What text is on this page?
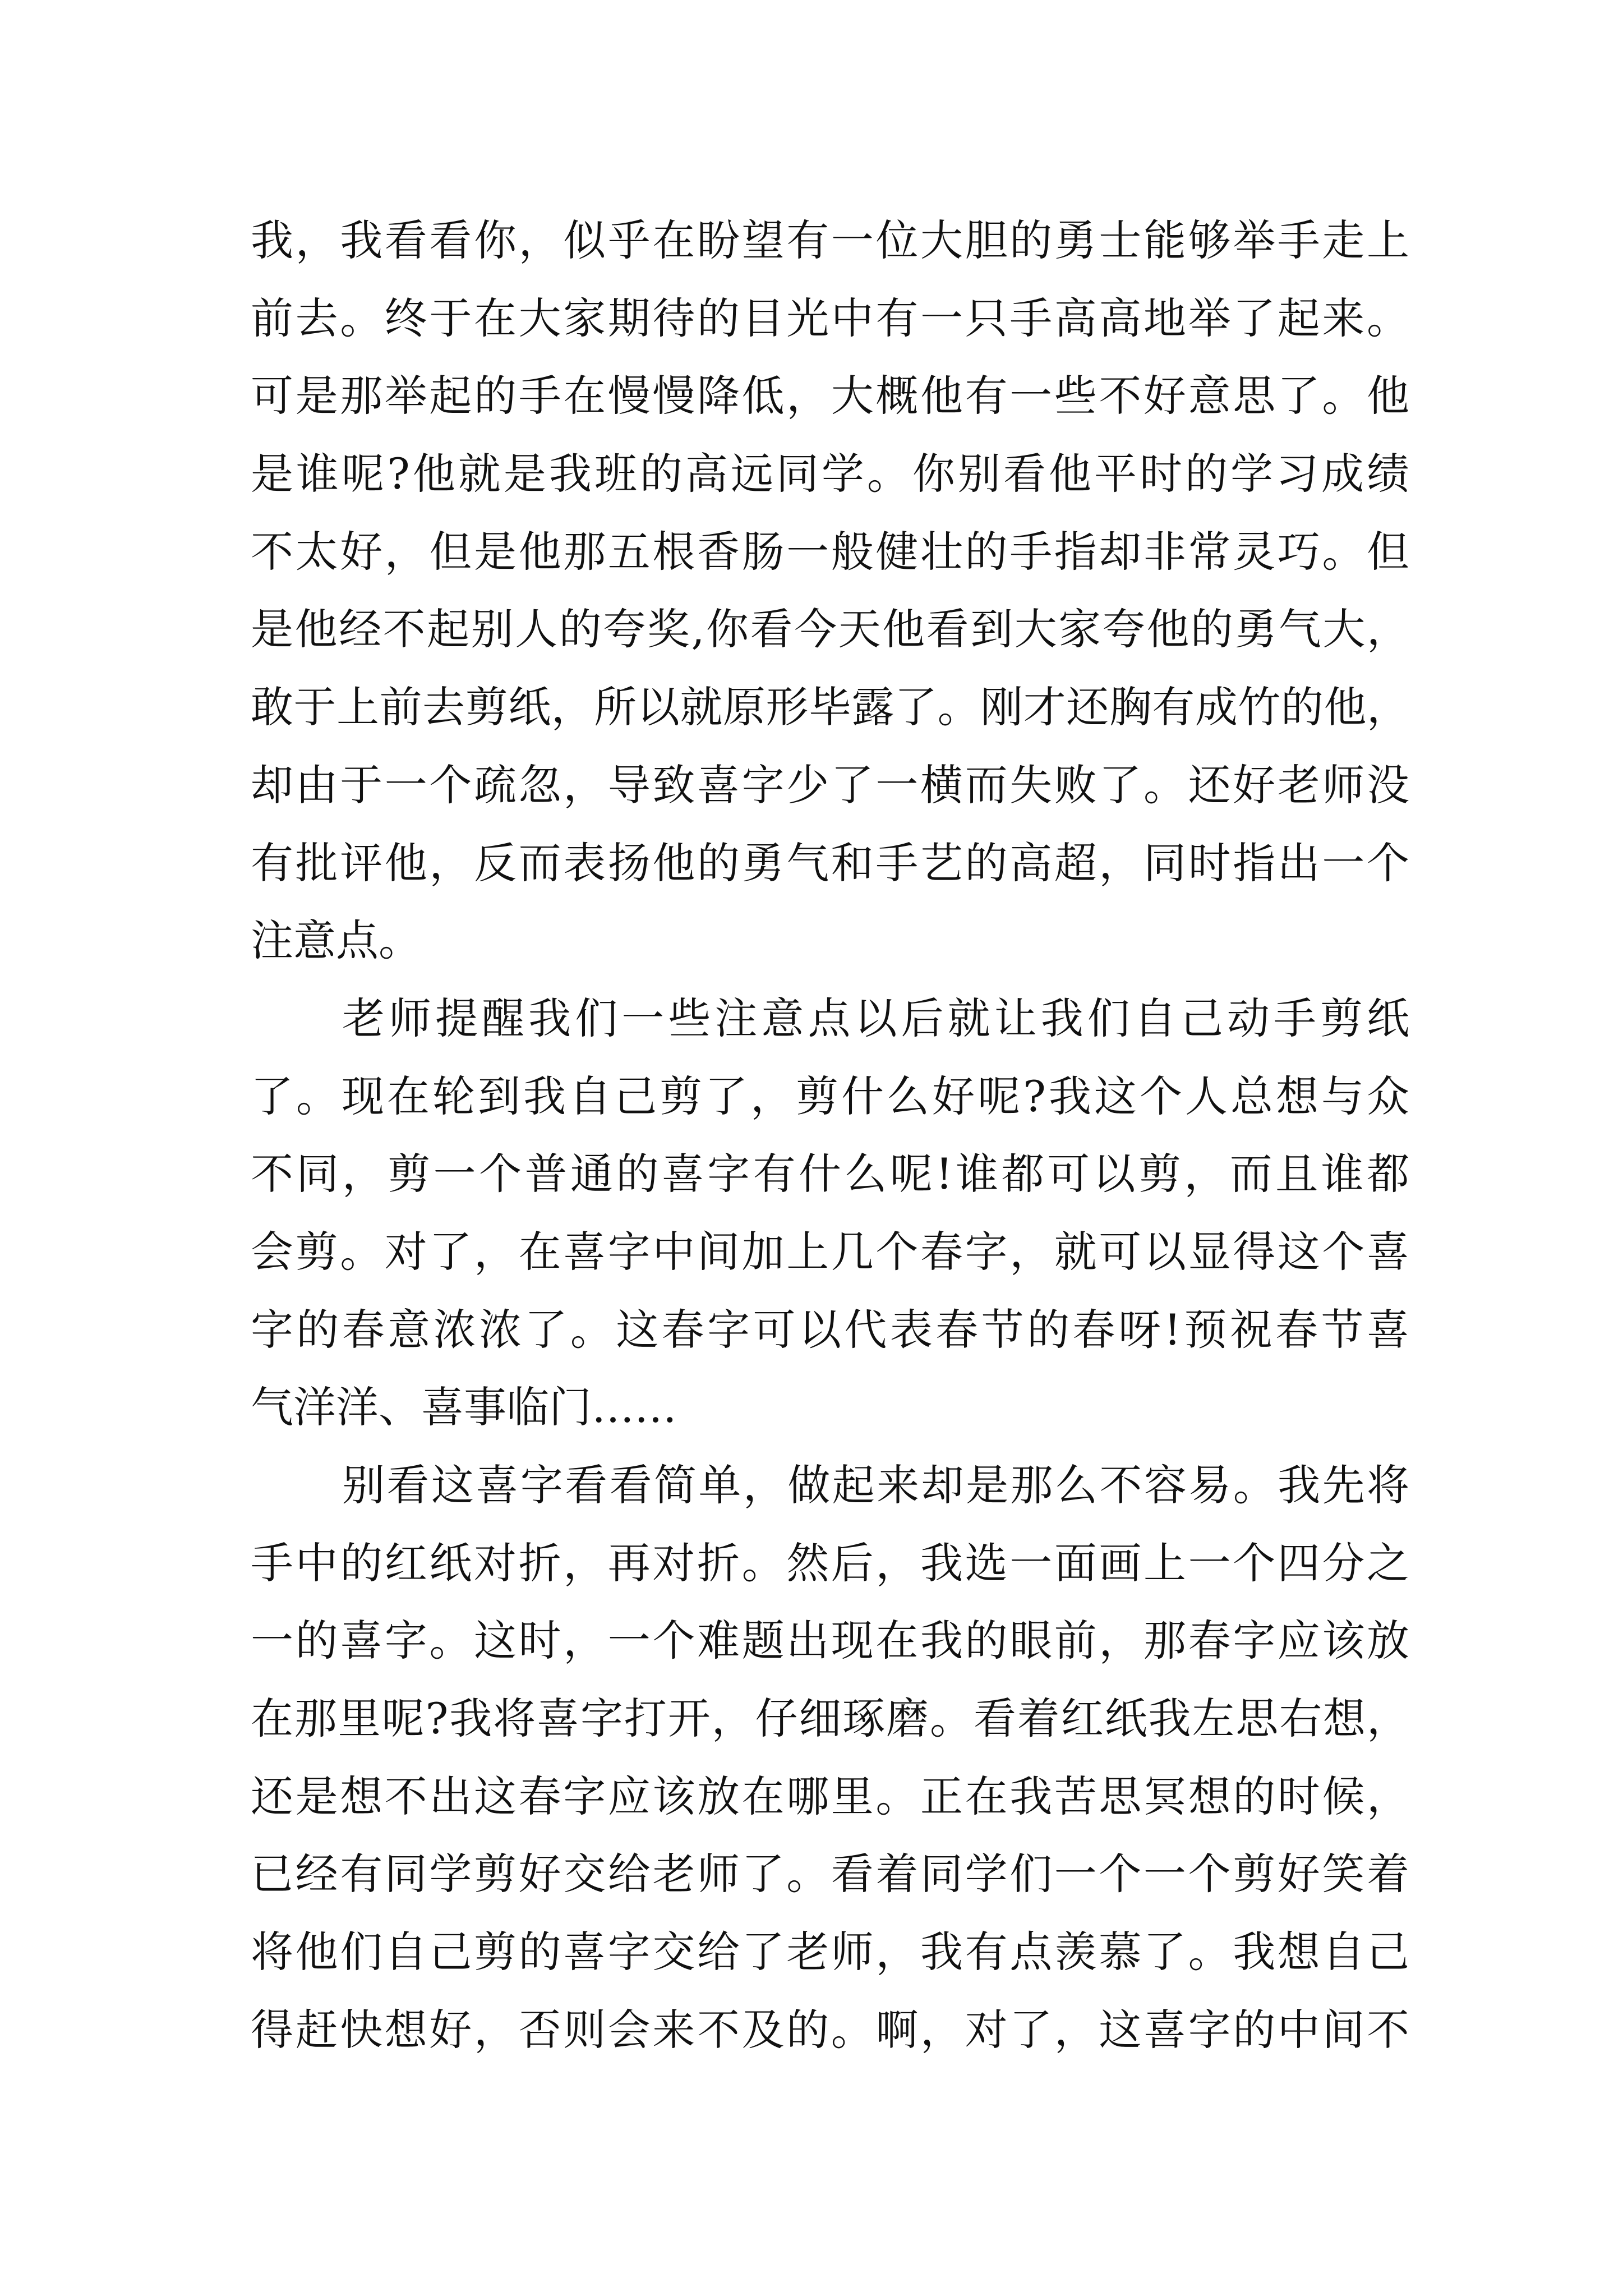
我，我看看你，似乎在盼望有一位大胆的勇士能够举手走上
前去。终于在大家期待的目光中有一只手高高地举了起来。
可是那举起的手在慢慢降低，大概他有一些不好意思了。他
是谁呢?他就是我班的高远同学。你别看他平时的学习成绩
不太好，但是他那五根香肠一般健壮的手指却非常灵巧。但
是他经不起别人的夸奖,你看今天他看到大家夸他的勇气大，
敢于上前去剪纸，所以就原形毕露了。刚才还胸有成竹的他，
却由于一个疏忽，导致喜字少了一横而失败了。还好老师没
有批评他，反而表扬他的勇气和手艺的高超，同时指出一个
注意点。
老师提醒我们一些注意点以后就让我们自己动手剪纸
了。现在轮到我自己剪了，剪什么好呢?我这个人总想与众
不同，剪一个普通的喜字有什么呢!谁都可以剪，而且谁都
会剪。对了，在喜字中间加上几个春字，就可以显得这个喜
字的春意浓浓了。这春字可以代表春节的春呀!预祝春节喜
气洋洋、喜事临门……
别看这喜字看看简单，做起来却是那么不容易。我先将
手中的红纸对折，再对折。然后，我选一面画上一个四分之
一的喜字。这时，一个难题出现在我的眼前，那春字应该放
在那里呢?我将喜字打开，仔细琢磨。看着红纸我左思右想，
还是想不出这春字应该放在哪里。正在我苦思冥想的时候，
已经有同学剪好交给老师了。看着同学们一个一个剪好笑着
将他们自己剪的喜字交给了老师，我有点羡慕了。我想自己
得赶快想好，否则会来不及的。啊，对了，这喜字的中间不
